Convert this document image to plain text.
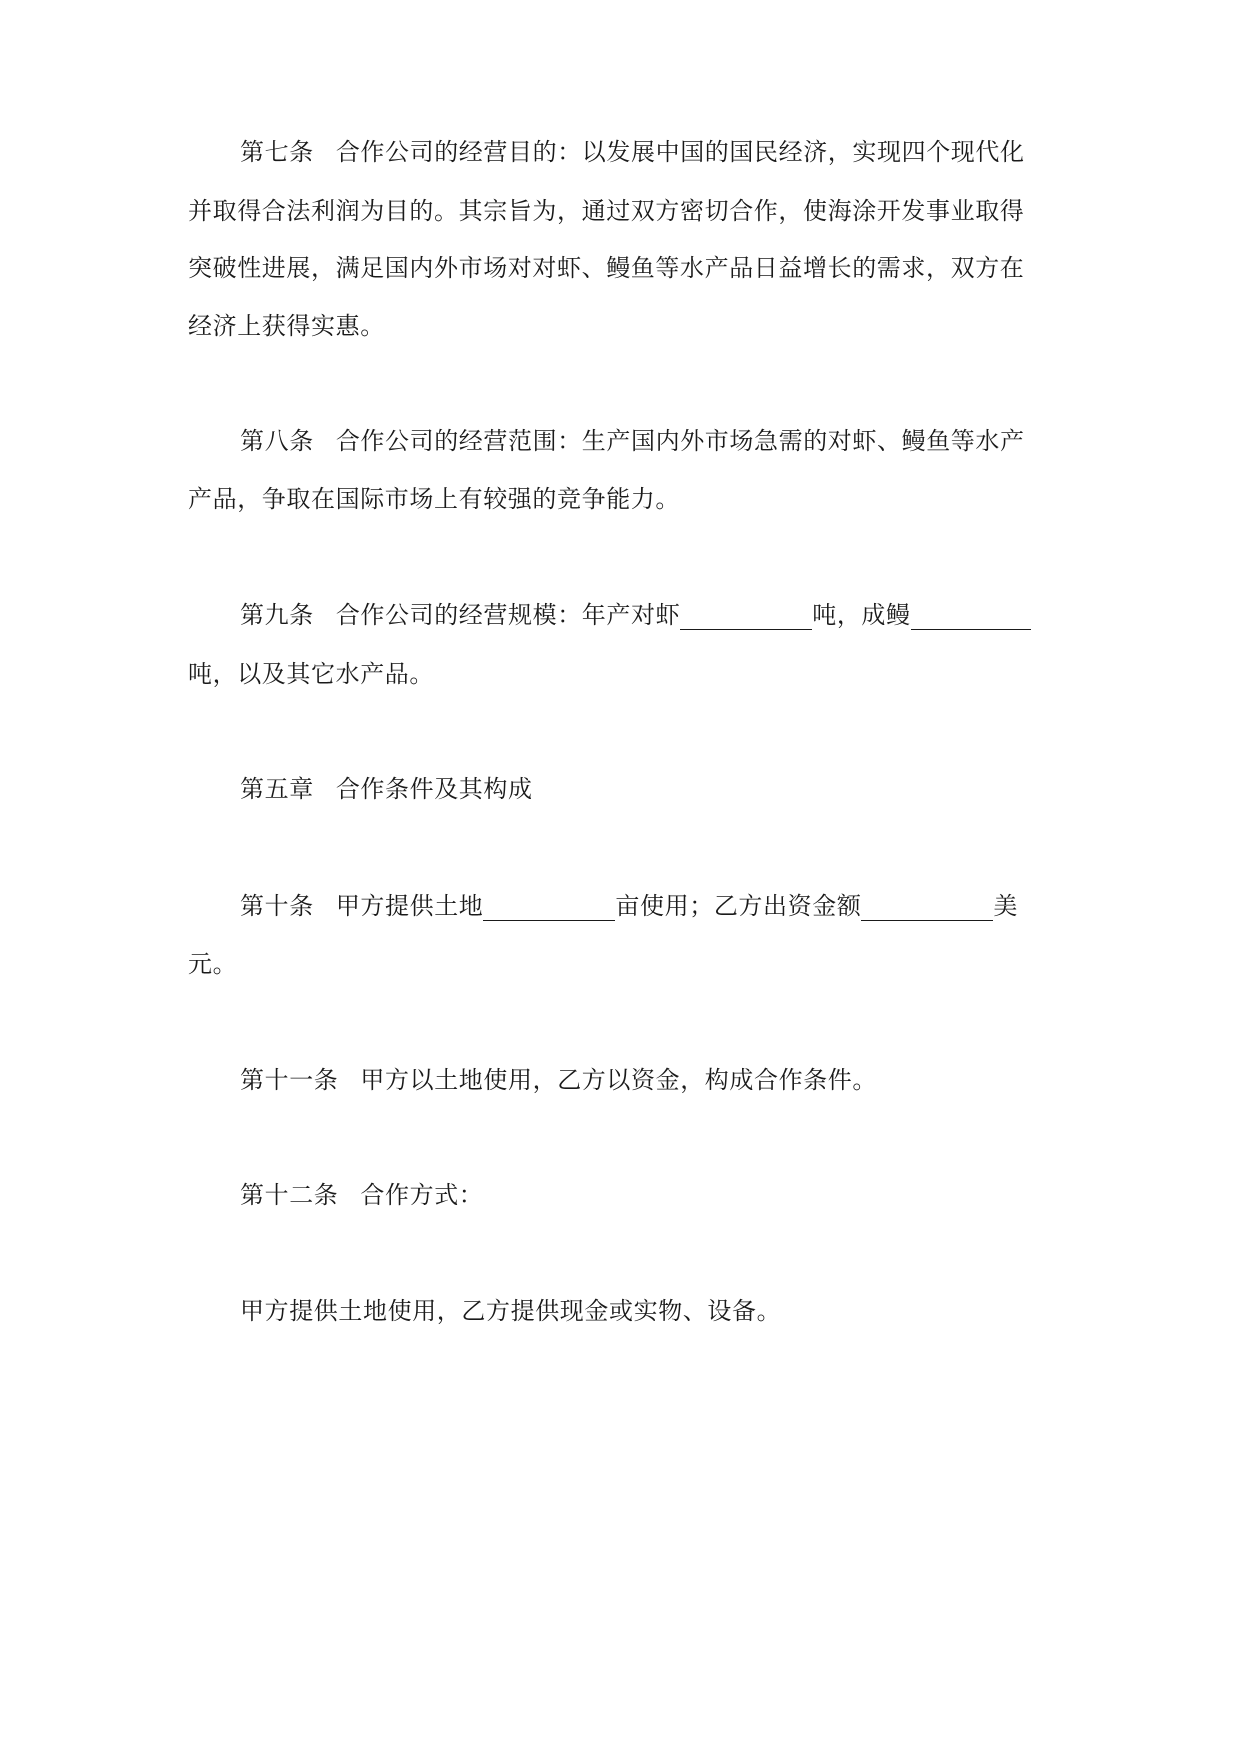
第七条 合作公司的经营目的：以发展中国的国民经济，实现四个现代化
并取得合法利润为目的。其宗旨为，通过双方密切合作，使海涂开发事业取得
突破性进展，满足国内外市场对对虾、鳗鱼等水产品日益增长的需求，双方在
经济上获得实惠。
第八条 合作公司的经营范围：生产国内外市场急需的对虾、鳗鱼等水产
产品，争取在国际市场上有较强的竞争能力。
第九条 合作公司的经营规模：年产对虾	吨，成鳗
吨，以及其它水产品。
第五章 合作条件及其构成
第十条 甲方提供土地	亩使用；乙方出资金额	美
元。
第十一条 甲方以土地使用，乙方以资金，构成合作条件。
第十二条 合作方式：
甲方提供土地使用，乙方提供现金或实物、设备。
